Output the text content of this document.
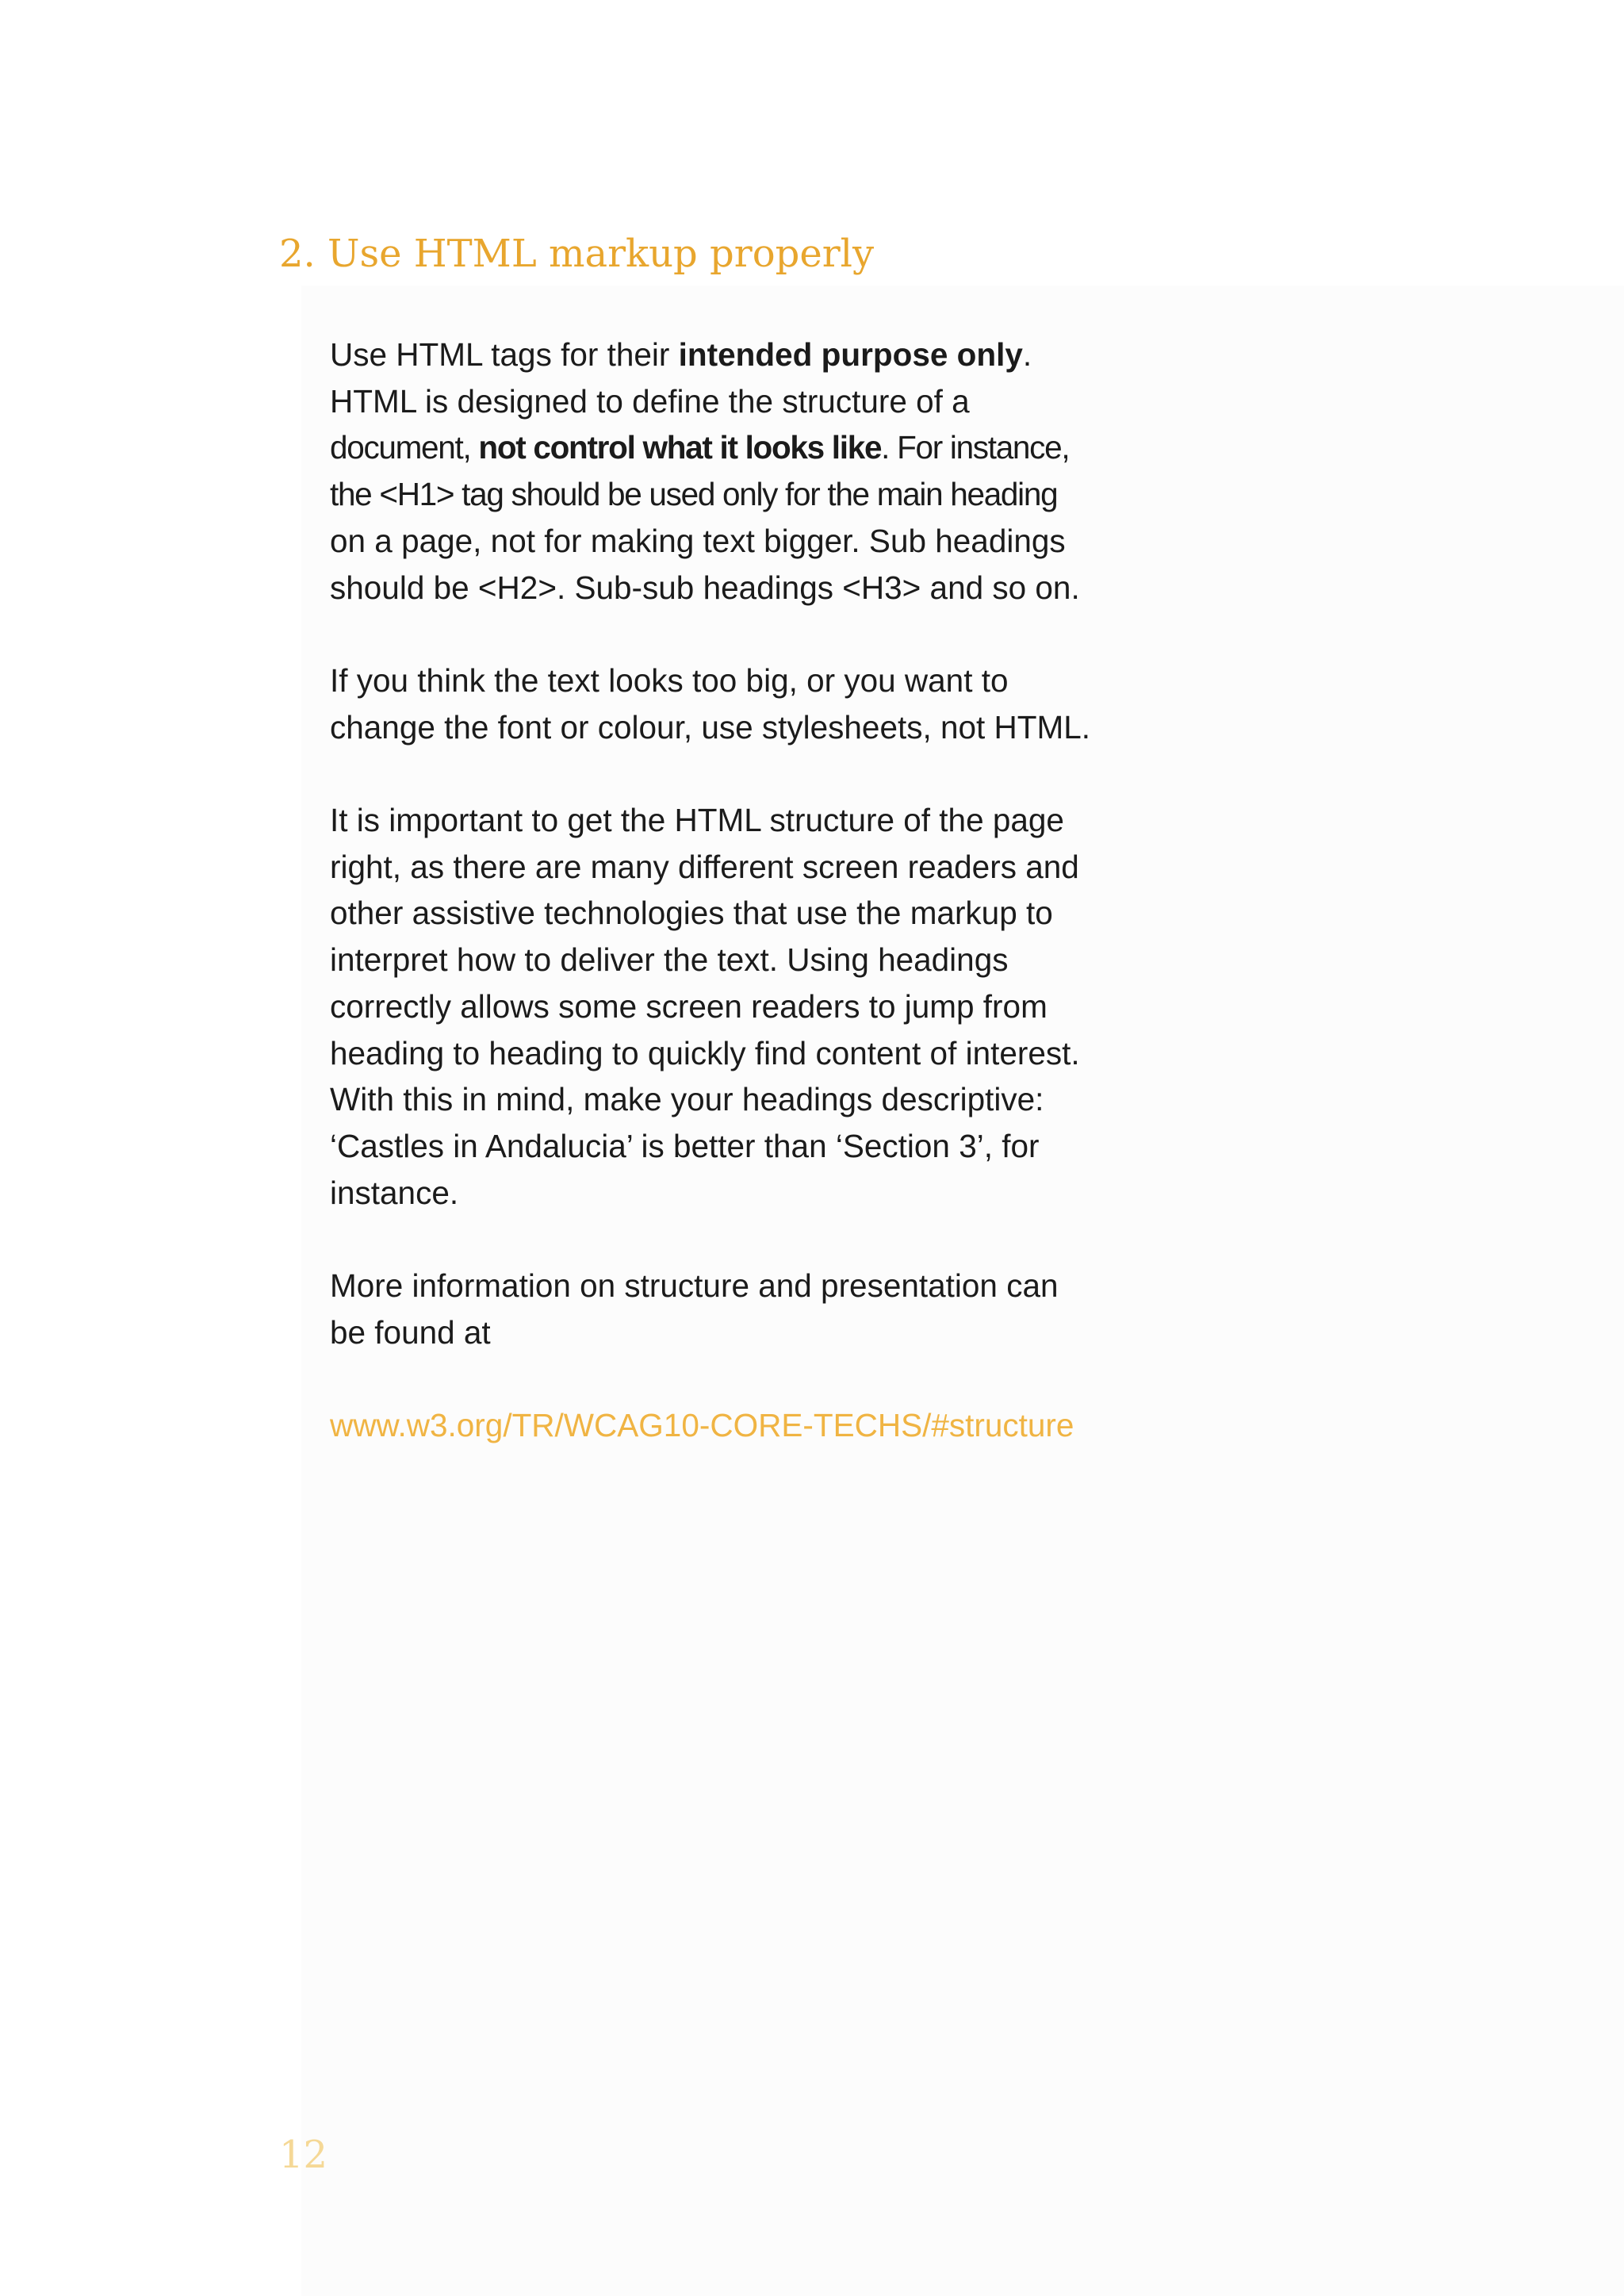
2. Use HTML markup properly

Use HTML tags for their intended purpose only.
HTML is designed to define the structure of a
document, not control what it looks like. For instance,
the <H1> tag should be used only for the main heading
on a page, not for making text bigger. Sub headings
should be <H2>. Sub-sub headings <H3> and so on.

If you think the text looks too big, or you want to
change the font or colour, use stylesheets, not HTML.

It is important to get the HTML structure of the page
right, as there are many different screen readers and
other assistive technologies that use the markup to
interpret how to deliver the text. Using headings
correctly allows some screen readers to jump from
heading to heading to quickly find content of interest.
With this in mind, make your headings descriptive:
‘Castles in Andalucia’ is better than ‘Section 3’, for
instance.

More information on structure and presentation can
be found at

www.w3.org/TR/WCAG10-CORE-TECHS/#structure

12
